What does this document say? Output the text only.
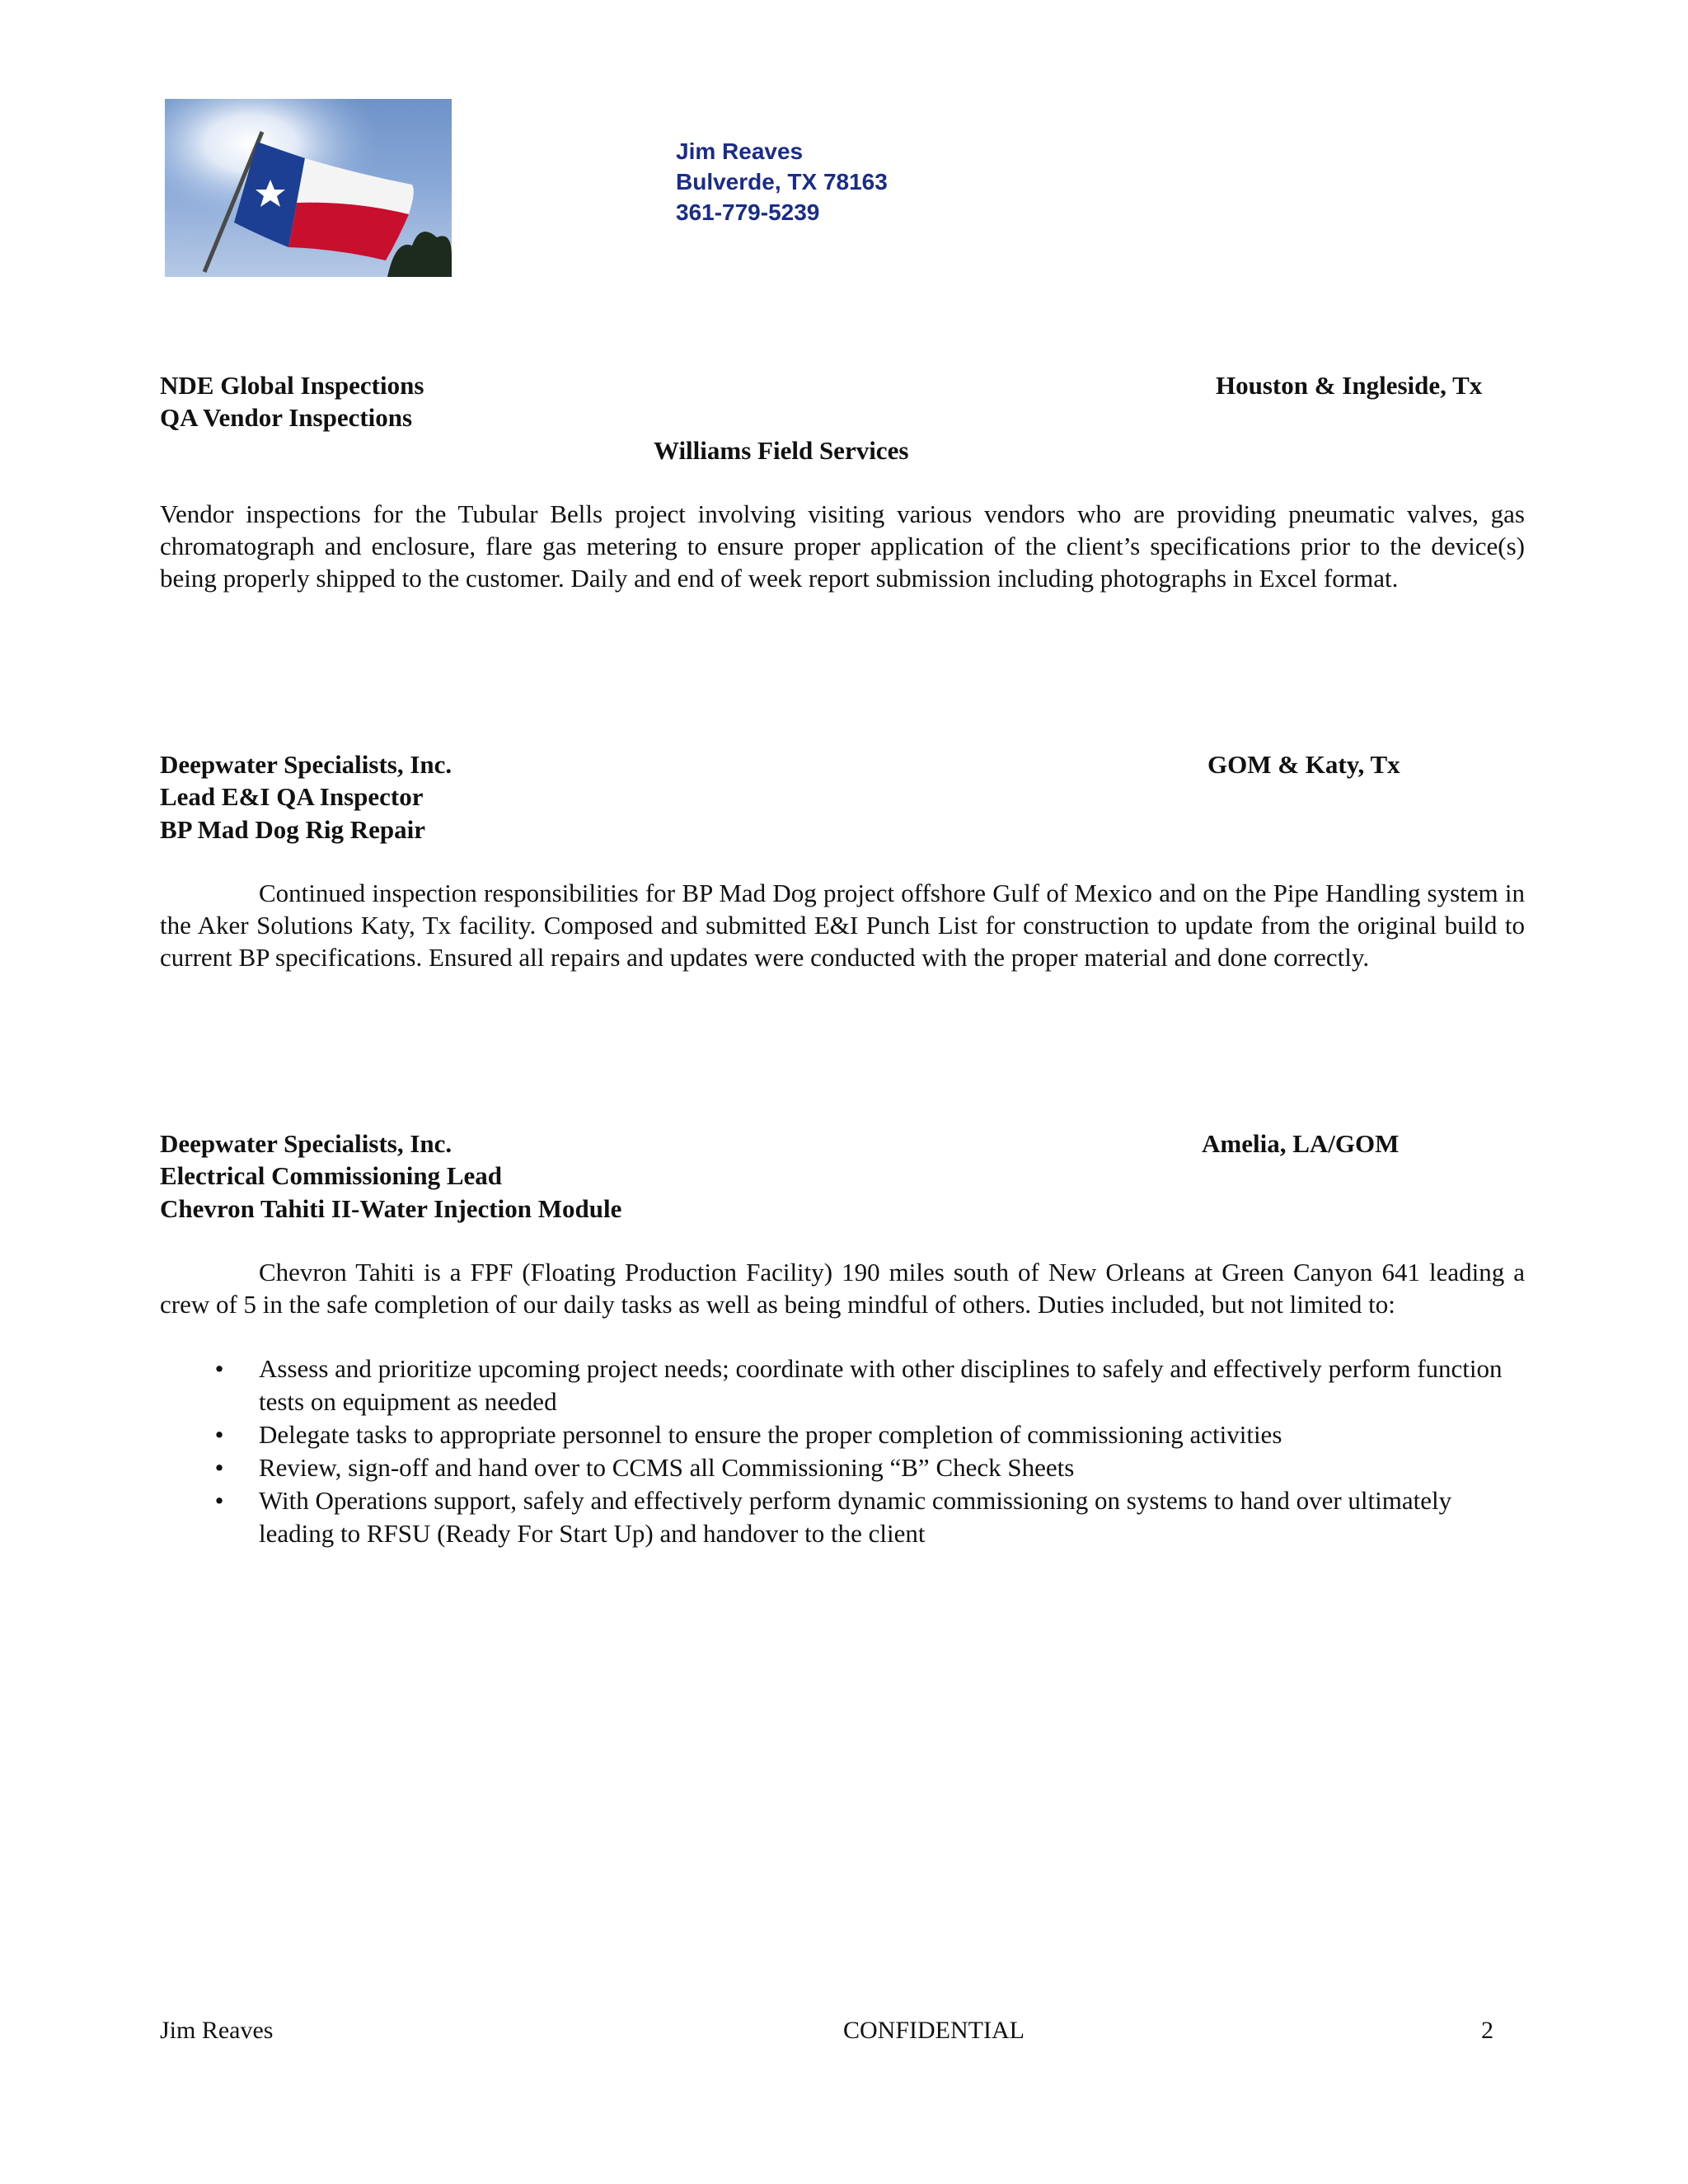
Jim Reaves
Bulverde, TX 78163
361-779-5239
NDE Global Inspections	Houston & Ingleside, Tx
QA Vendor Inspections
Williams Field Services
Vendor inspections for the Tubular Bells project involving visiting various vendors who are providing pneumatic valves, gas chromatograph and enclosure, flare gas metering to ensure proper application of the client’s specifications prior to the device(s) being properly shipped to the customer. Daily and end of week report submission including photographs in Excel format.
Deepwater Specialists, Inc.	GOM & Katy, Tx
Lead E&I QA Inspector
BP Mad Dog Rig Repair
Continued inspection responsibilities for BP Mad Dog project offshore Gulf of Mexico and on the Pipe Handling system in the Aker Solutions Katy, Tx facility. Composed and submitted E&I Punch List for construction to update from the original build to current BP specifications. Ensured all repairs and updates were conducted with the proper material and done correctly.
Deepwater Specialists, Inc.	Amelia, LA/GOM
Electrical Commissioning Lead
Chevron Tahiti II-Water Injection Module
Chevron Tahiti is a FPF (Floating Production Facility) 190 miles south of New Orleans at Green Canyon 641 leading a crew of 5 in the safe completion of our daily tasks as well as being mindful of others. Duties included, but not limited to:
• Assess and prioritize upcoming project needs; coordinate with other disciplines to safely and effectively perform function tests on equipment as needed
• Delegate tasks to appropriate personnel to ensure the proper completion of commissioning activities
• Review, sign-off and hand over to CCMS all Commissioning “B” Check Sheets
• With Operations support, safely and effectively perform dynamic commissioning on systems to hand over ultimately leading to RFSU (Ready For Start Up) and handover to the client
Jim Reaves	CONFIDENTIAL	2
